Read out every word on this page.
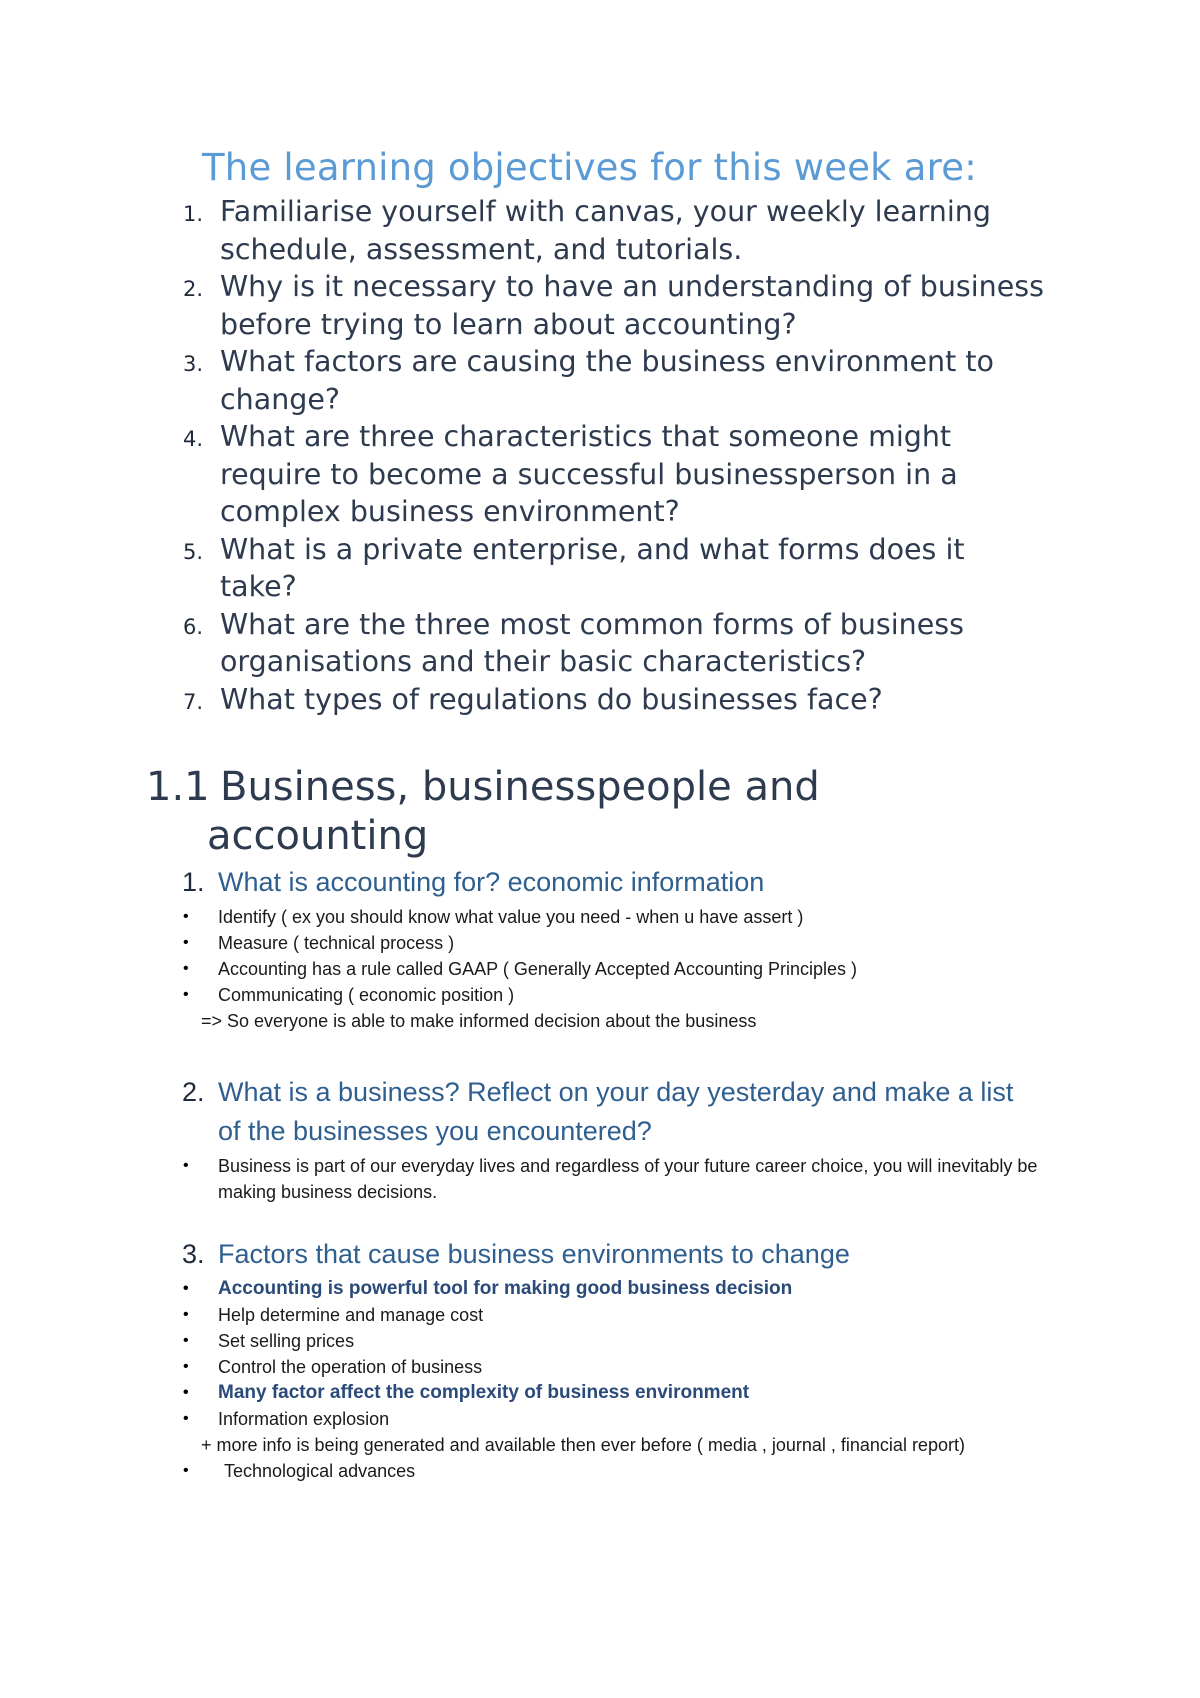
The learning objectives for this week are:
1. Familiarise yourself with canvas, your weekly learning schedule, assessment, and tutorials.
2. Why is it necessary to have an understanding of business before trying to learn about accounting?
3. What factors are causing the business environment to change?
4. What are three characteristics that someone might require to become a successful businessperson in a complex business environment?
5. What is a private enterprise, and what forms does it take?
6. What are the three most common forms of business organisations and their basic characteristics?
7. What types of regulations do businesses face?
1.1 Business, businesspeople and
accounting
1. What is accounting for? economic information
• Identify ( ex you should know what value you need - when u have assert )
• Measure ( technical process )
• Accounting has a rule called GAAP ( Generally Accepted Accounting Principles )
• Communicating ( economic position )
=> So everyone is able to make informed decision about the business
2. What is a business? Reflect on your day yesterday and make a list of the businesses you encountered?
• Business is part of our everyday lives and regardless of your future career choice, you will inevitably be making business decisions.
3. Factors that cause business environments to change
• Accounting is powerful tool for making good business decision
• Help determine and manage cost
• Set selling prices
• Control the operation of business
• Many factor affect the complexity of business environment
• Information explosion
+ more info is being generated and available then ever before ( media , journal , financial report)
• Technological advances
